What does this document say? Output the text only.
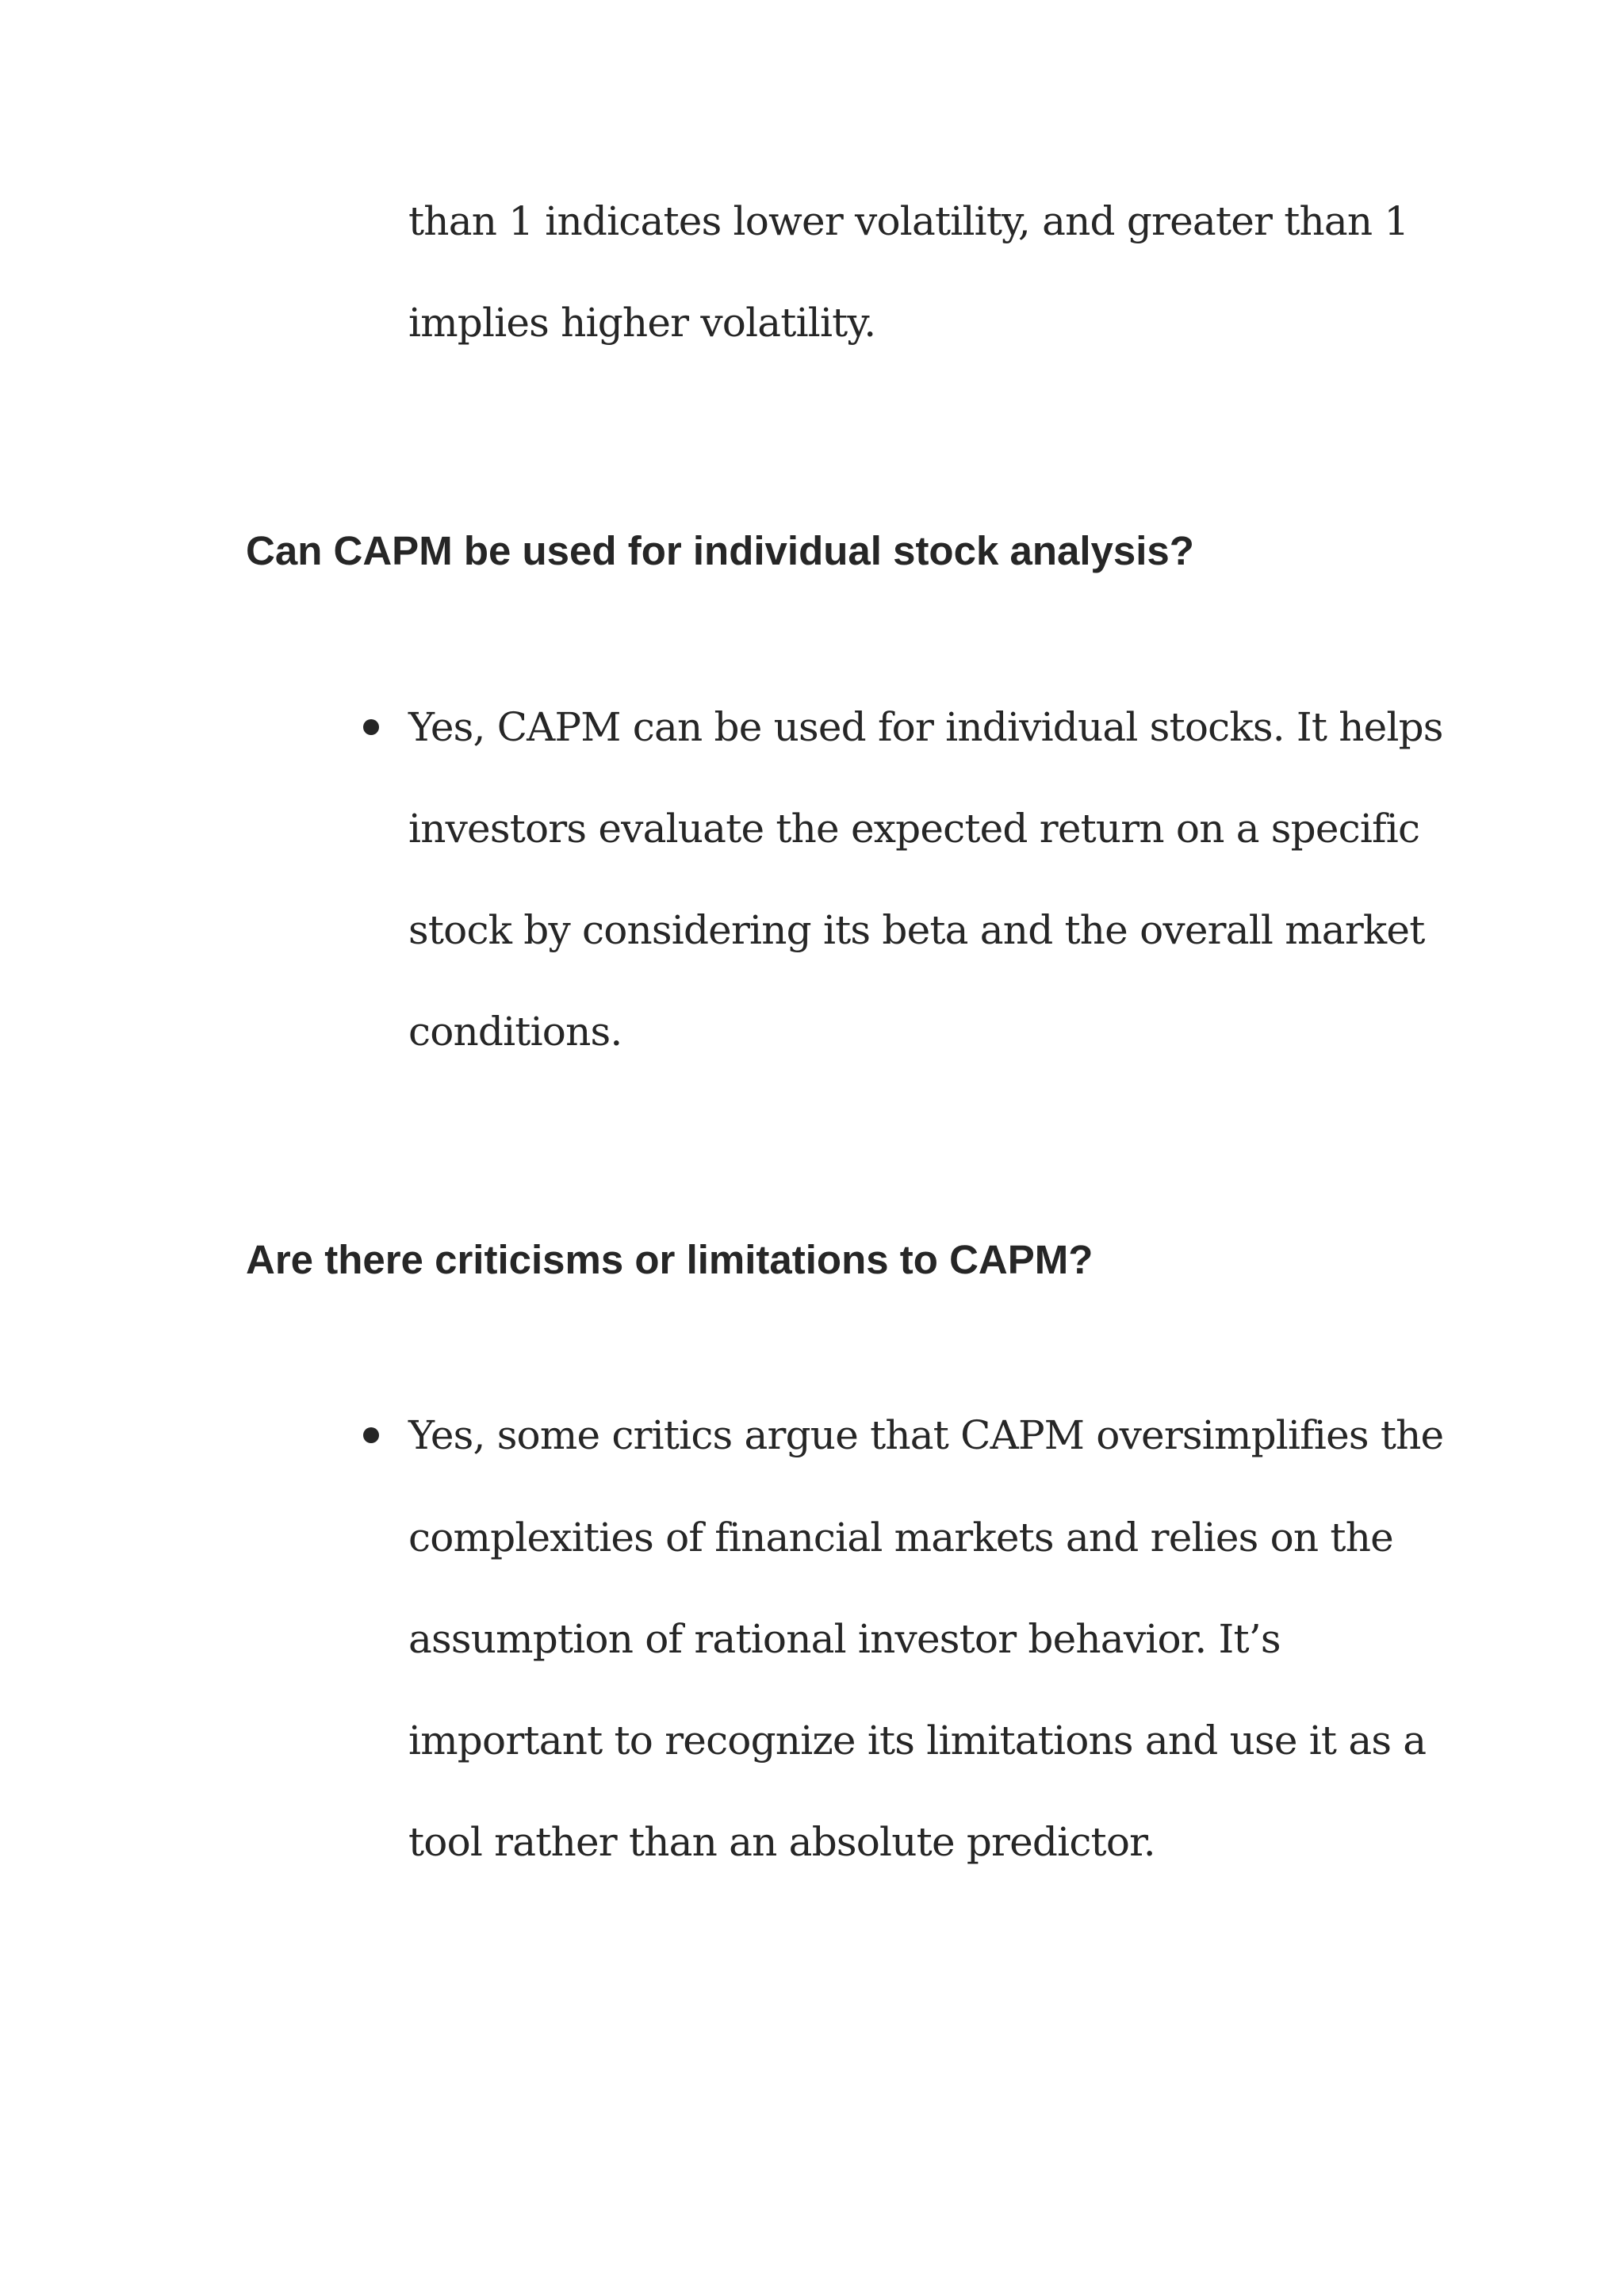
than 1 indicates lower volatility, and greater than 1
implies higher volatility.
Can CAPM be used for individual stock analysis?
Yes, CAPM can be used for individual stocks. It helps
investors evaluate the expected return on a specific
stock by considering its beta and the overall market
conditions.
Are there criticisms or limitations to CAPM?
Yes, some critics argue that CAPM oversimplifies the
complexities of financial markets and relies on the
assumption of rational investor behavior. It’s
important to recognize its limitations and use it as a
tool rather than an absolute predictor.
